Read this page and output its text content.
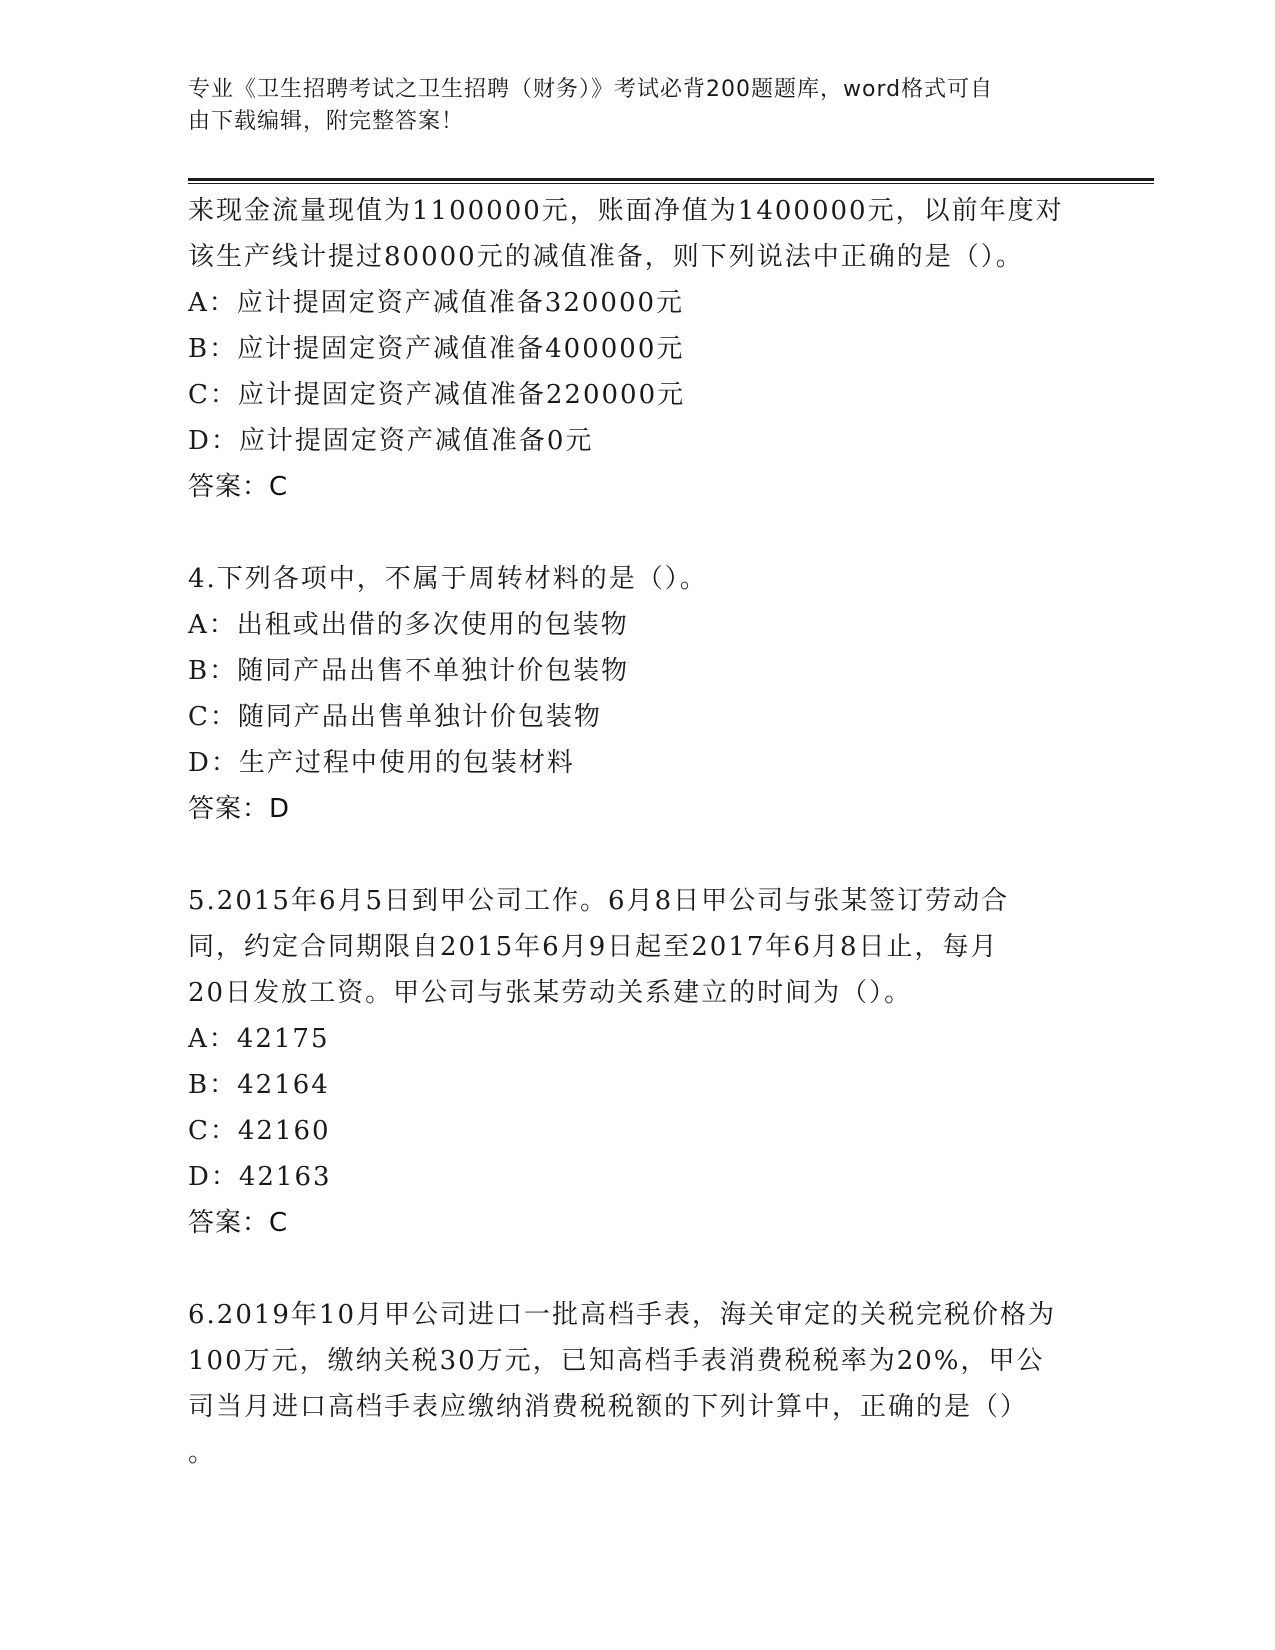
专业《卫生招聘考试之卫生招聘（财务）》考试必背200题题库，word格式可自
由下载编辑，附完整答案！
来现金流量现值为1100000元，账面净值为1400000元，以前年度对
该生产线计提过80000元的减值准备，则下列说法中正确的是（）。
A：应计提固定资产减值准备320000元
B：应计提固定资产减值准备400000元
C：应计提固定资产减值准备220000元
D：应计提固定资产减值准备0元
答案：C
4.下列各项中，不属于周转材料的是（）。
A：出租或出借的多次使用的包装物
B：随同产品出售不单独计价包装物
C：随同产品出售单独计价包装物
D：生产过程中使用的包装材料
答案：D
5.2015年6月5日到甲公司工作。6月8日甲公司与张某签订劳动合
同，约定合同期限自2015年6月9日起至2017年6月8日止，每月
20日发放工资。甲公司与张某劳动关系建立的时间为（）。
A：42175
B：42164
C：42160
D：42163
答案：C
6.2019年10月甲公司进口一批高档手表，海关审定的关税完税价格为
100万元，缴纳关税30万元，已知高档手表消费税税率为20%，甲公
司当月进口高档手表应缴纳消费税税额的下列计算中，正确的是（）
。
